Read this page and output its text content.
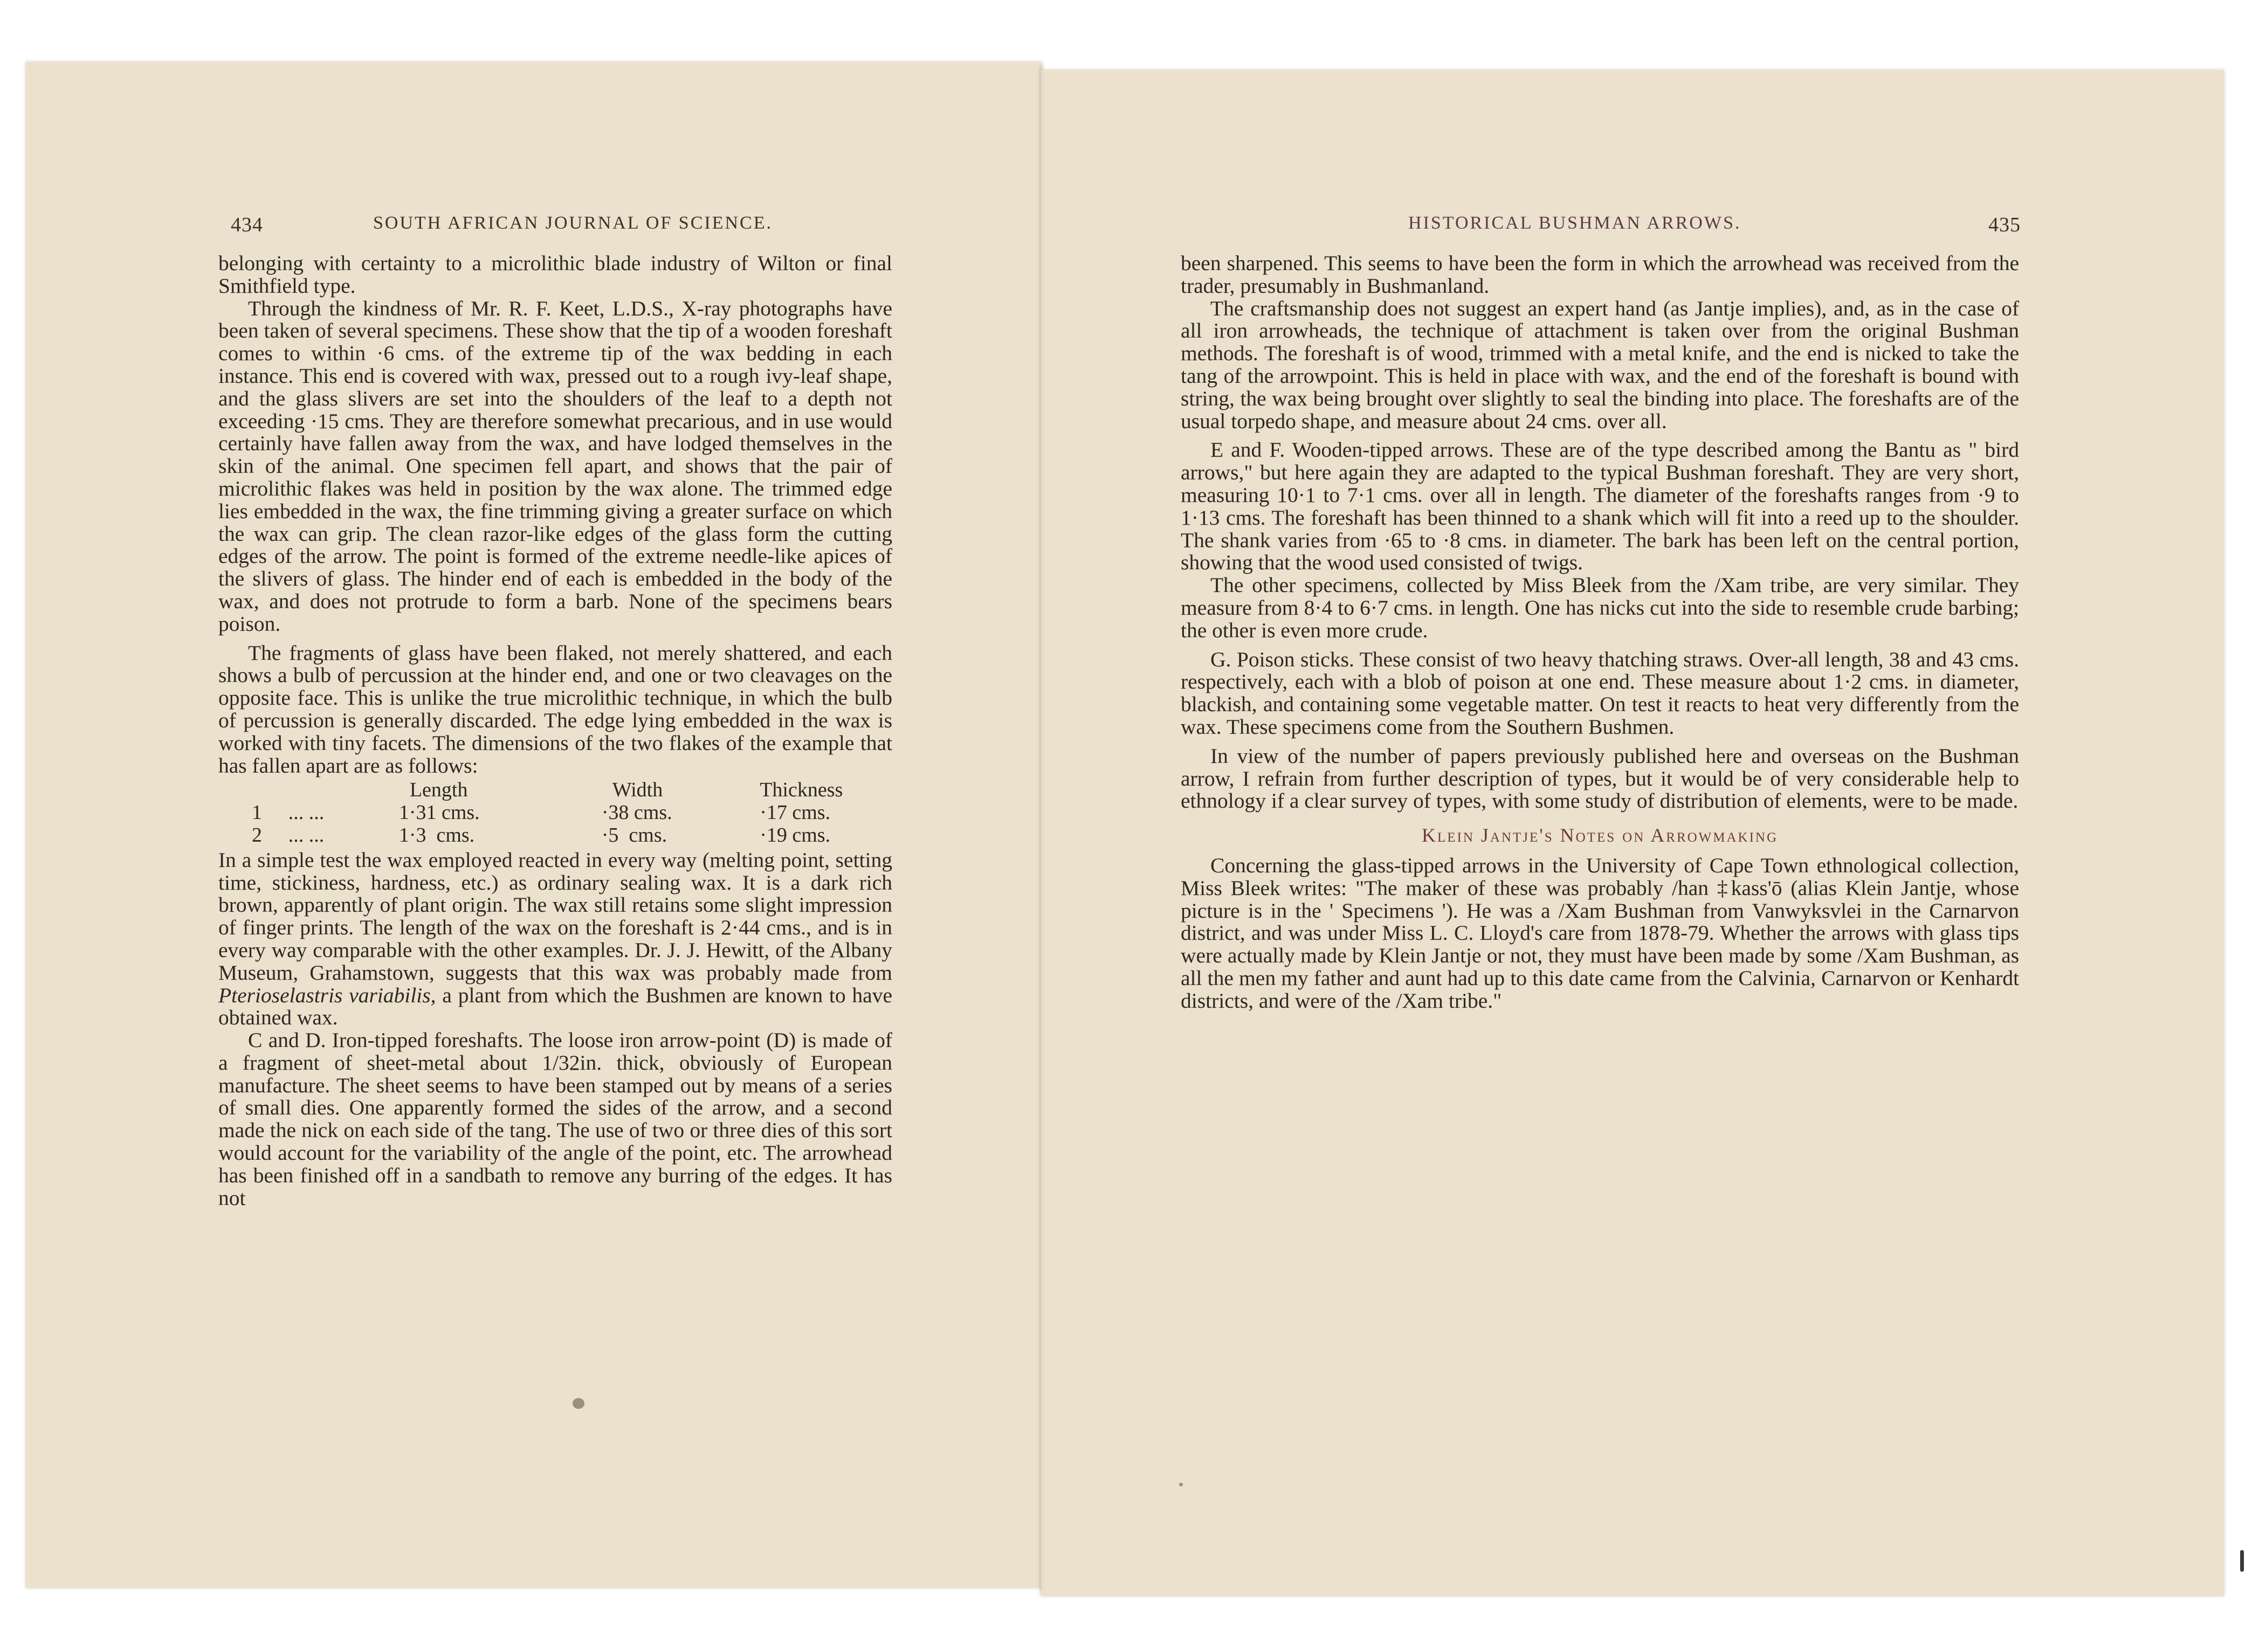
434	SOUTH AFRICAN JOURNAL OF SCIENCE.	HISTORICAL BUSHMAN ARROWS.	435

belonging with certainty to a microlithic blade industry of Wilton or final Smithfield type.

Through the kindness of Mr. R. F. Keet, L.D.S., X-ray photographs have been taken of several specimens. These show that the tip of a wooden foreshaft comes to within ·6 cms. of the extreme tip of the wax bedding in each instance. This end is covered with wax, pressed out to a rough ivy-leaf shape, and the glass slivers are set into the shoulders of the leaf to a depth not exceeding ·15 cms. They are therefore somewhat precarious, and in use would certainly have fallen away from the wax, and have lodged themselves in the skin of the animal. One specimen fell apart, and shows that the pair of microlithic flakes was held in position by the wax alone. The trimmed edge lies embedded in the wax, the fine trimming giving a greater surface on which the wax can grip. The clean razor-like edges of the glass form the cutting edges of the arrow. The point is formed of the extreme needle-like apices of the slivers of glass. The hinder end of each is embedded in the body of the wax, and does not protrude to form a barb. None of the specimens bears poison.

The fragments of glass have been flaked, not merely shattered, and each shows a bulb of percussion at the hinder end, and one or two cleavages on the opposite face. This is unlike the true microlithic technique, in which the bulb of percussion is generally discarded. The edge lying embedded in the wax is worked with tiny facets. The dimensions of the two flakes of the example that has fallen apart are as follows:

		Length	Width	Thickness
1	... ...	1·31 cms.	·38 cms.	·17 cms.
2	... ...	1·3  cms.	·5  cms.	·19 cms.

In a simple test the wax employed reacted in every way (melting point, setting time, stickiness, hardness, etc.) as ordinary sealing wax. It is a dark rich brown, apparently of plant origin. The wax still retains some slight impression of finger prints. The length of the wax on the foreshaft is 2·44 cms., and is in every way comparable with the other examples. Dr. J. J. Hewitt, of the Albany Museum, Grahamstown, suggests that this wax was probably made from Pterioselastris variabilis, a plant from which the Bushmen are known to have obtained wax.

C and D. Iron-tipped foreshafts. The loose iron arrow-point (D) is made of a fragment of sheet-metal about 1/32in. thick, obviously of European manufacture. The sheet seems to have been stamped out by means of a series of small dies. One apparently formed the sides of the arrow, and a second made the nick on each side of the tang. The use of two or three dies of this sort would account for the variability of the angle of the point, etc. The arrowhead has been finished off in a sandbath to remove any burring of the edges. It has not

been sharpened. This seems to have been the form in which the arrowhead was received from the trader, presumably in Bushmanland.

The craftsmanship does not suggest an expert hand (as Jantje implies), and, as in the case of all iron arrowheads, the technique of attachment is taken over from the original Bushman methods. The foreshaft is of wood, trimmed with a metal knife, and the end is nicked to take the tang of the arrowpoint. This is held in place with wax, and the end of the foreshaft is bound with string, the wax being brought over slightly to seal the binding into place. The foreshafts are of the usual torpedo shape, and measure about 24 cms. over all.

E and F. Wooden-tipped arrows. These are of the type described among the Bantu as " bird arrows," but here again they are adapted to the typical Bushman foreshaft. They are very short, measuring 10·1 to 7·1 cms. over all in length. The diameter of the foreshafts ranges from ·9 to 1·13 cms. The foreshaft has been thinned to a shank which will fit into a reed up to the shoulder. The shank varies from ·65 to ·8 cms. in diameter. The bark has been left on the central portion, showing that the wood used consisted of twigs.

The other specimens, collected by Miss Bleek from the /Xam tribe, are very similar. They measure from 8·4 to 6·7 cms. in length. One has nicks cut into the side to resemble crude barbing; the other is even more crude.

G. Poison sticks. These consist of two heavy thatching straws. Over-all length, 38 and 43 cms. respectively, each with a blob of poison at one end. These measure about 1·2 cms. in diameter, blackish, and containing some vegetable matter. On test it reacts to heat very differently from the wax. These specimens come from the Southern Bushmen.

In view of the number of papers previously published here and overseas on the Bushman arrow, I refrain from further description of types, but it would be of very considerable help to ethnology if a clear survey of types, with some study of distribution of elements, were to be made.

Klein Jantje's Notes on Arrowmaking

Concerning the glass-tipped arrows in the University of Cape Town ethnological collection, Miss Bleek writes: "The maker of these was probably /han ‡kass'ō (alias Klein Jantje, whose picture is in the ' Specimens '). He was a /Xam Bushman from Vanwyksvlei in the Carnarvon district, and was under Miss L. C. Lloyd's care from 1878-79. Whether the arrows with glass tips were actually made by Klein Jantje or not, they must have been made by some /Xam Bushman, as all the men my father and aunt had up to this date came from the Calvinia, Carnarvon or Kenhardt districts, and were of the /Xam tribe."
